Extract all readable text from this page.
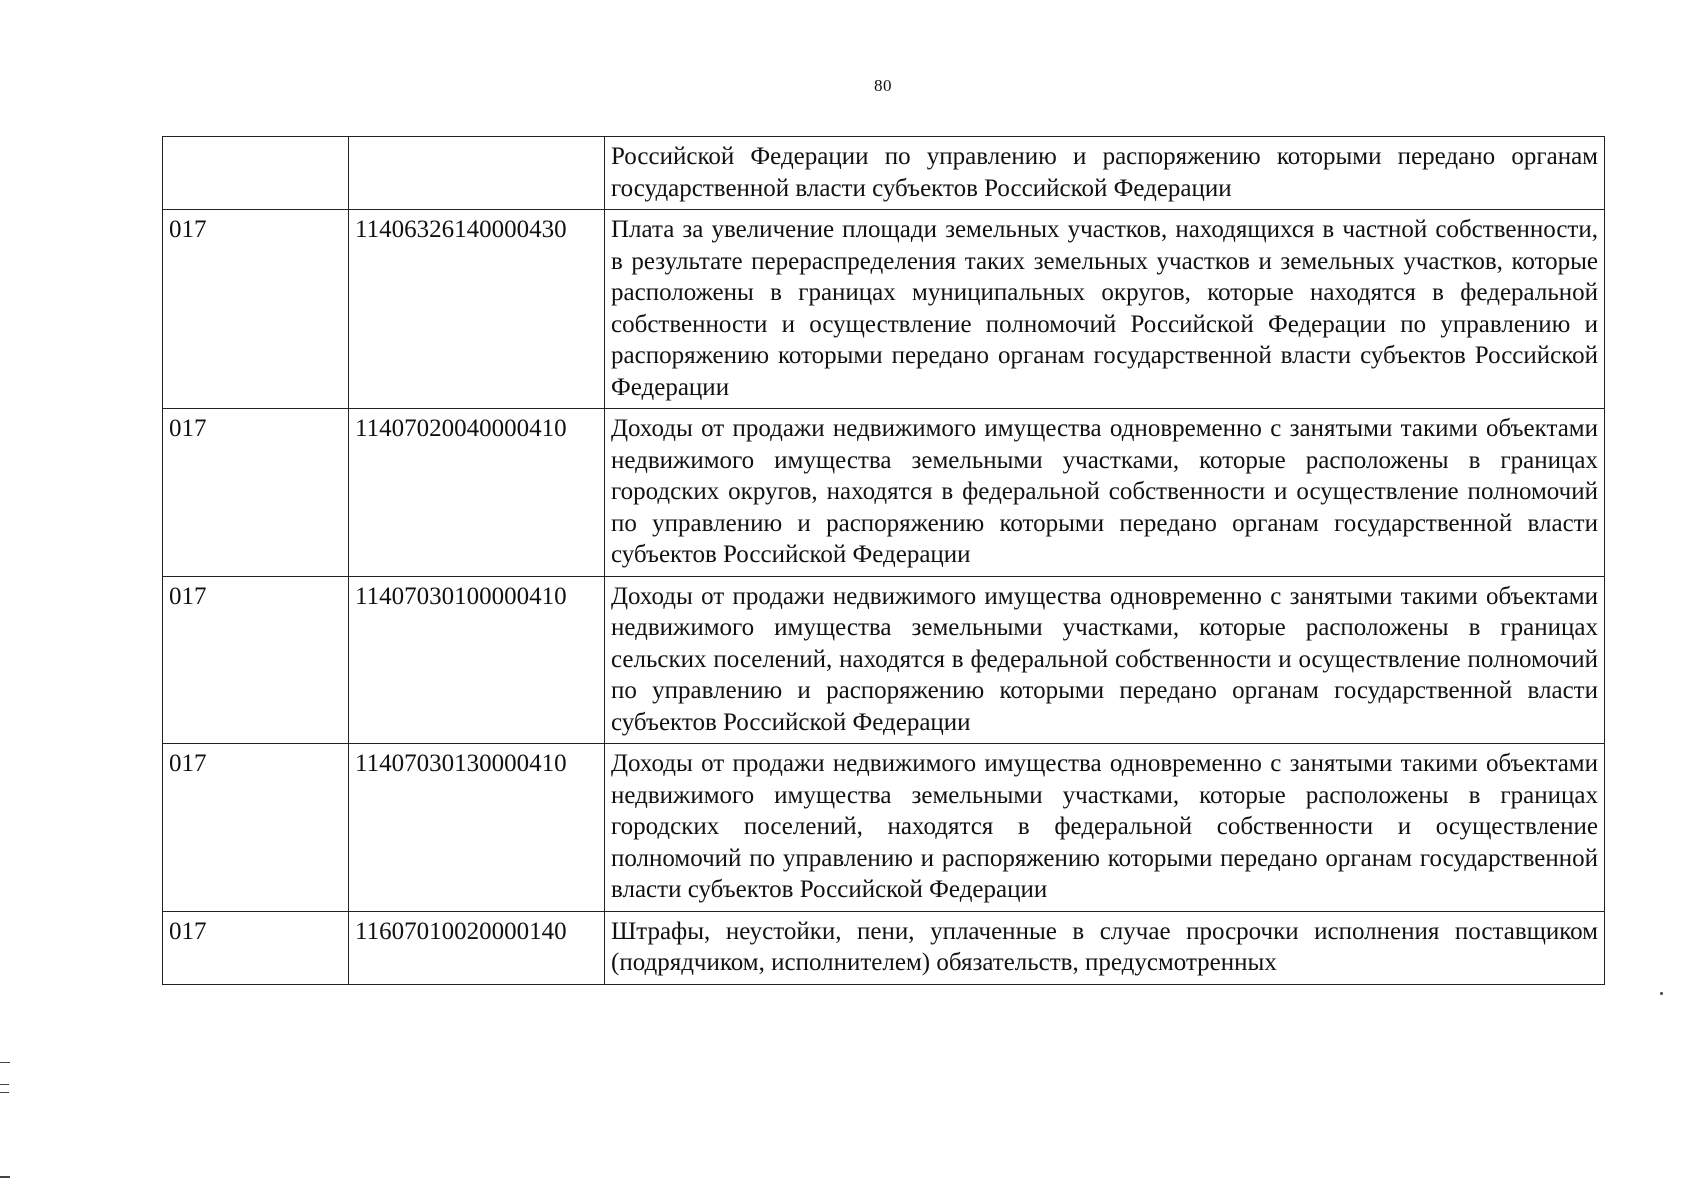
80
		Российской Федерации по управлению и распоряжению которыми передано органам государственной власти субъектов Российской Федерации
017	11406326140000430	Плата за увеличение площади земельных участков, находящихся в частной собственности, в результате перераспределения таких земельных участков и земельных участков, которые расположены в границах муниципальных округов, которые находятся в федеральной собственности и осуществление полномочий Российской Федерации по управлению и распоряжению которыми передано органам государственной власти субъектов Российской Федерации
017	11407020040000410	Доходы от продажи недвижимого имущества одновременно с занятыми такими объектами недвижимого имущества земельными участками, которые расположены в границах городских округов, находятся в федеральной собственности и осуществление полномочий по управлению и распоряжению которыми передано органам государственной власти субъектов Российской Федерации
017	11407030100000410	Доходы от продажи недвижимого имущества одновременно с занятыми такими объектами недвижимого имущества земельными участками, которые расположены в границах сельских поселений, находятся в федеральной собственности и осуществление полномочий по управлению и распоряжению которыми передано органам государственной власти субъектов Российской Федерации
017	11407030130000410	Доходы от продажи недвижимого имущества одновременно с занятыми такими объектами недвижимого имущества земельными участками, которые расположены в границах городских поселений, находятся в федеральной собственности и осуществление полномочий по управлению и распоряжению которыми передано органам государственной власти субъектов Российской Федерации
017	11607010020000140	Штрафы, неустойки, пени, уплаченные в случае просрочки исполнения поставщиком (подрядчиком, исполнителем) обязательств, предусмотренных
